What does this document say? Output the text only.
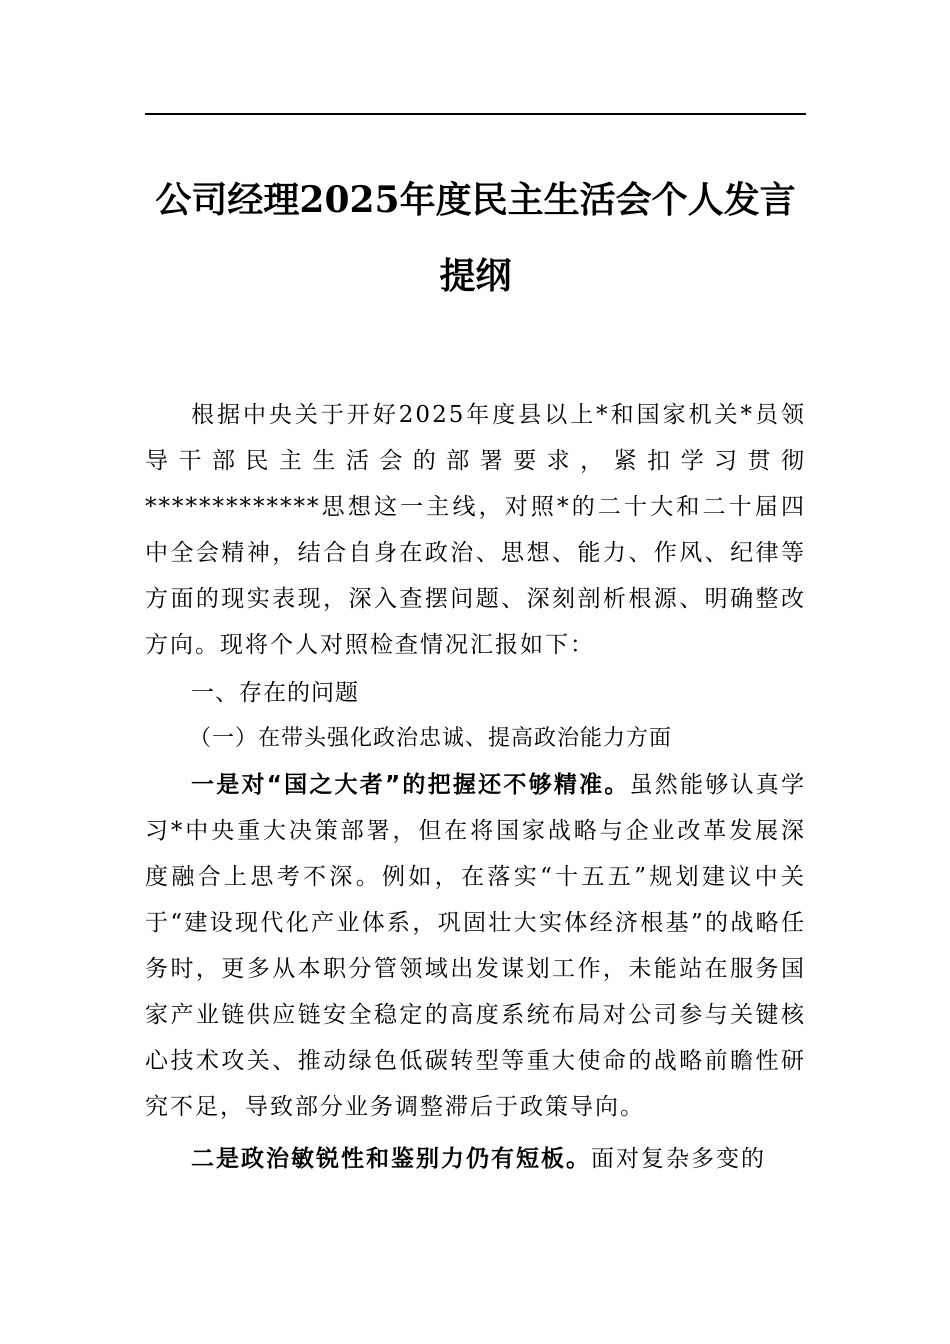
公司经理2025年度民主生活会个人发言提纲

根据中央关于开好2025年度县以上*和国家机关*员领导干部民主生活会的部署要求，紧扣学习贯彻*************思想这一主线，对照*的二十大和二十届四中全会精神，结合自身在政治、思想、能力、作风、纪律等方面的现实表现，深入查摆问题、深刻剖析根源、明确整改方向。现将个人对照检查情况汇报如下：

一、存在的问题

（一）在带头强化政治忠诚、提高政治能力方面

一是对“国之大者”的把握还不够精准。虽然能够认真学习*中央重大决策部署，但在将国家战略与企业改革发展深度融合上思考不深。例如，在落实“十五五”规划建议中关于“建设现代化产业体系，巩固壮大实体经济根基”的战略任务时，更多从本职分管领域出发谋划工作，未能站在服务国家产业链供应链安全稳定的高度系统布局对公司参与关键核心技术攻关、推动绿色低碳转型等重大使命的战略前瞻性研究不足，导致部分业务调整滞后于政策导向。

二是政治敏锐性和鉴别力仍有短板。面对复杂多变的
